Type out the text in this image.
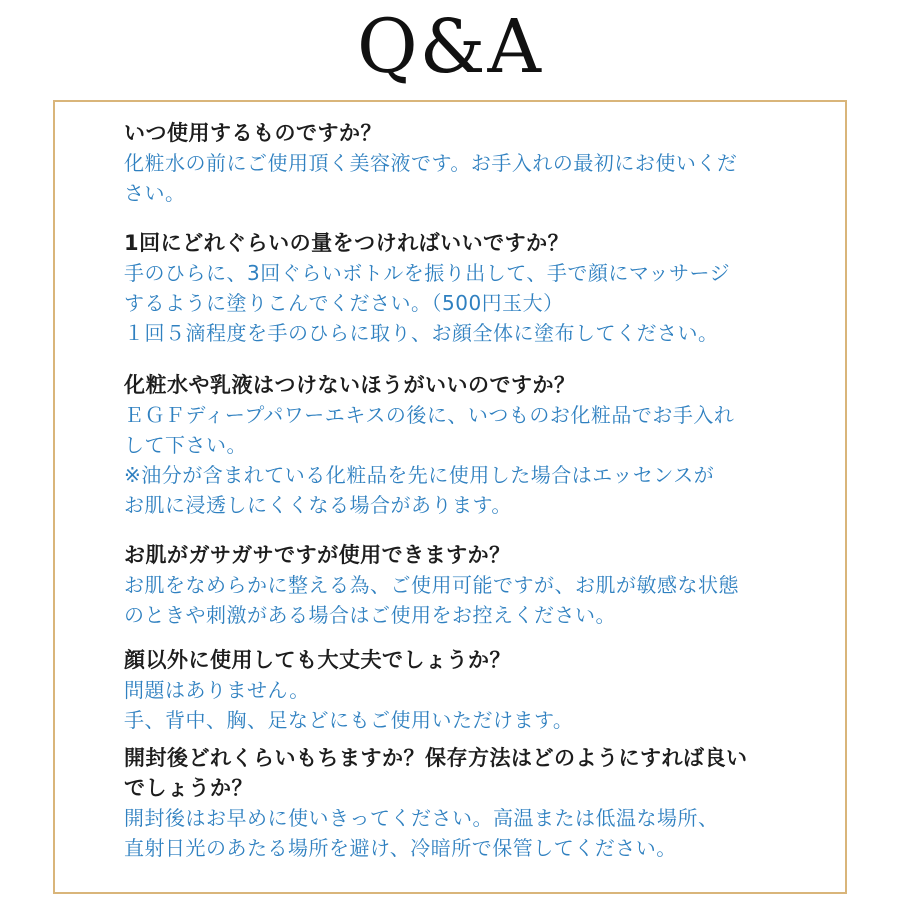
Q&A

いつ使用するものですか？

化粧水の前にご使用頂く美容液です。お手入れの最初にお使いくだ

さい。

1回にどれぐらいの量をつければいいですか？

手のひらに、3回ぐらいボトルを振り出して、手で顔にマッサージ

するように塗りこんでください。（500円玉大）

１回５滴程度を手のひらに取り、お顔全体に塗布してください。

化粧水や乳液はつけないほうがいいのですか？

ＥＧＦディープパワーエキスの後に、いつものお化粧品でお手入れ

して下さい。

※油分が含まれている化粧品を先に使用した場合はエッセンスが

お肌に浸透しにくくなる場合があります。

お肌がガサガサですが使用できますか？

お肌をなめらかに整える為、ご使用可能ですが、お肌が敏感な状態

のときや刺激がある場合はご使用をお控えください。

顔以外に使用しても大丈夫でしょうか？

問題はありません。

手、背中、胸、足などにもご使用いただけます。

開封後どれくらいもちますか？保存方法はどのようにすれば良い

でしょうか？

開封後はお早めに使いきってください。高温または低温な場所、

直射日光のあたる場所を避け、冷暗所で保管してください。
